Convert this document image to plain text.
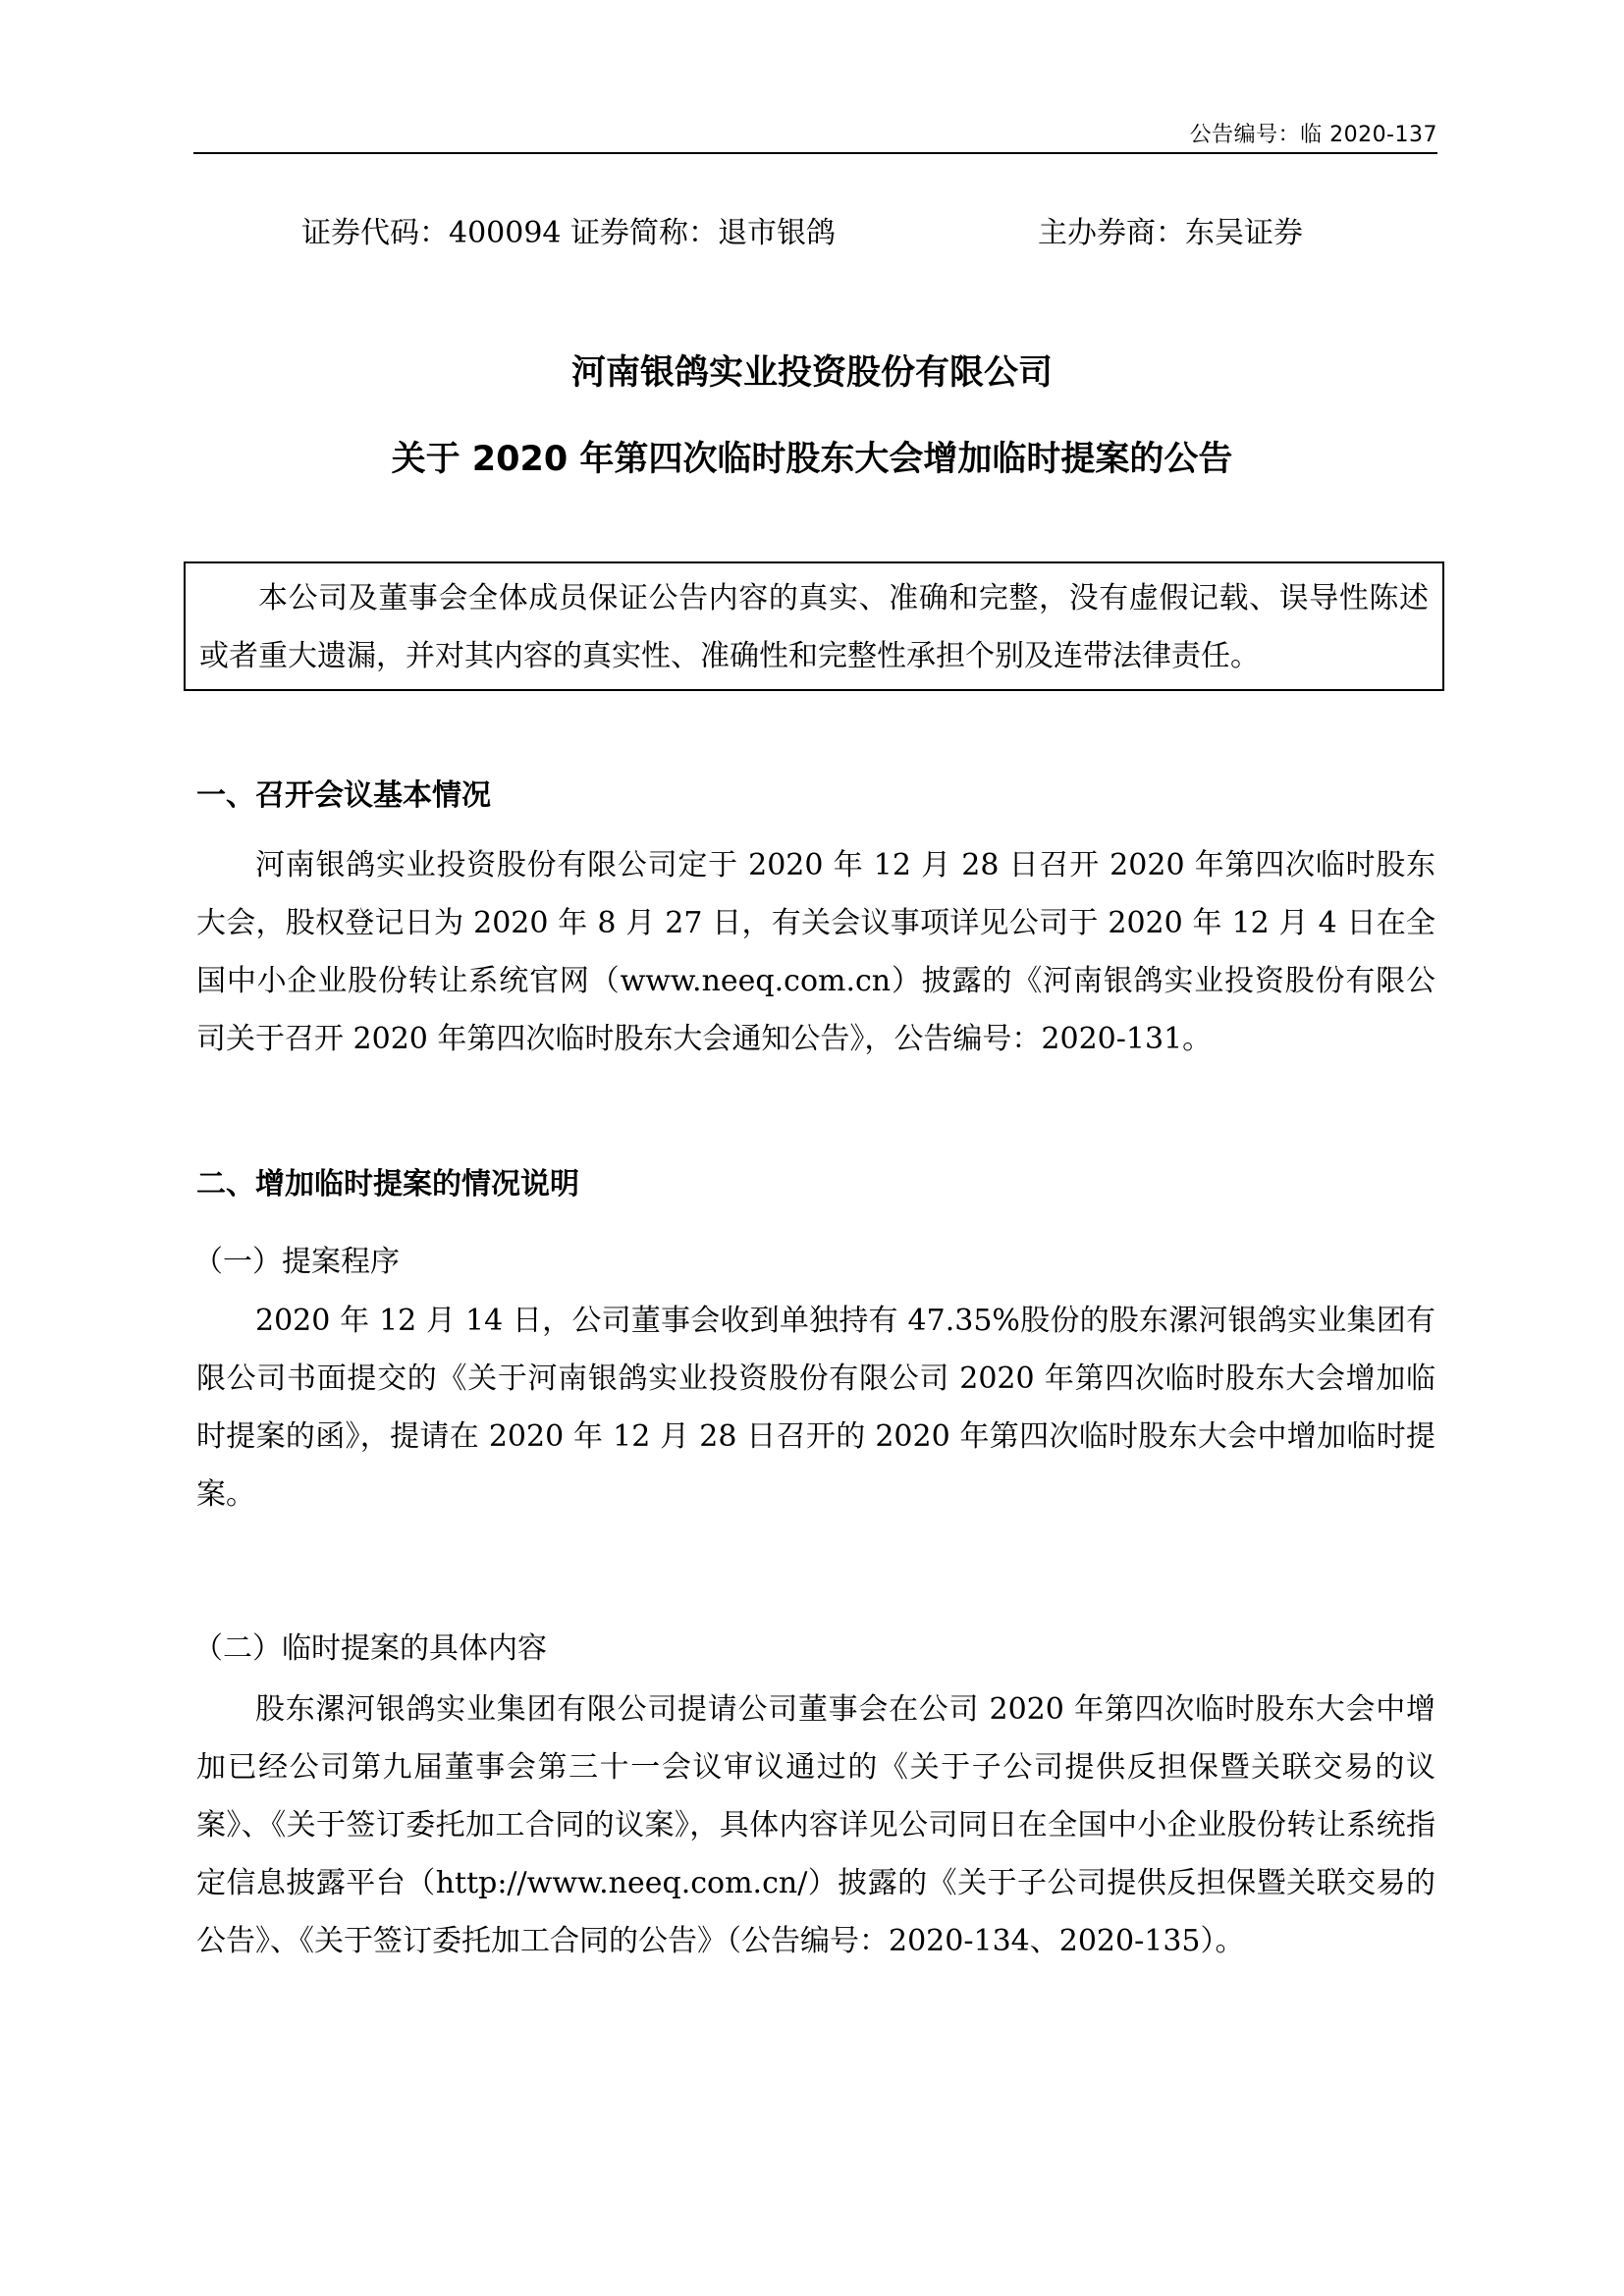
公告编号：临 2020-137
证券代码：400094 证券简称：退市银鸽	主办券商：东吴证券
河南银鸽实业投资股份有限公司
关于 2020 年第四次临时股东大会增加临时提案的公告
本公司及董事会全体成员保证公告内容的真实、准确和完整，没有虚假记载、误导性陈述或者重大遗漏，并对其内容的真实性、准确性和完整性承担个别及连带法律责任。
一、召开会议基本情况
河南银鸽实业投资股份有限公司定于 2020 年 12 月 28 日召开 2020 年第四次临时股东大会，股权登记日为 2020 年 8 月 27 日，有关会议事项详见公司于 2020 年 12 月 4 日在全国中小企业股份转让系统官网（www.neeq.com.cn）披露的《河南银鸽实业投资股份有限公司关于召开 2020 年第四次临时股东大会通知公告》，公告编号：2020-131。
二、增加临时提案的情况说明
（一）提案程序
2020 年 12 月 14 日，公司董事会收到单独持有 47.35%股份的股东漯河银鸽实业集团有限公司书面提交的《关于河南银鸽实业投资股份有限公司 2020 年第四次临时股东大会增加临时提案的函》，提请在 2020 年 12 月 28 日召开的 2020 年第四次临时股东大会中增加临时提案。
（二）临时提案的具体内容
股东漯河银鸽实业集团有限公司提请公司董事会在公司 2020 年第四次临时股东大会中增加已经公司第九届董事会第三十一会议审议通过的《关于子公司提供反担保暨关联交易的议案》、《关于签订委托加工合同的议案》，具体内容详见公司同日在全国中小企业股份转让系统指定信息披露平台（http://www.neeq.com.cn/）披露的《关于子公司提供反担保暨关联交易的公告》、《关于签订委托加工合同的公告》（公告编号：2020-134、2020-135）。
